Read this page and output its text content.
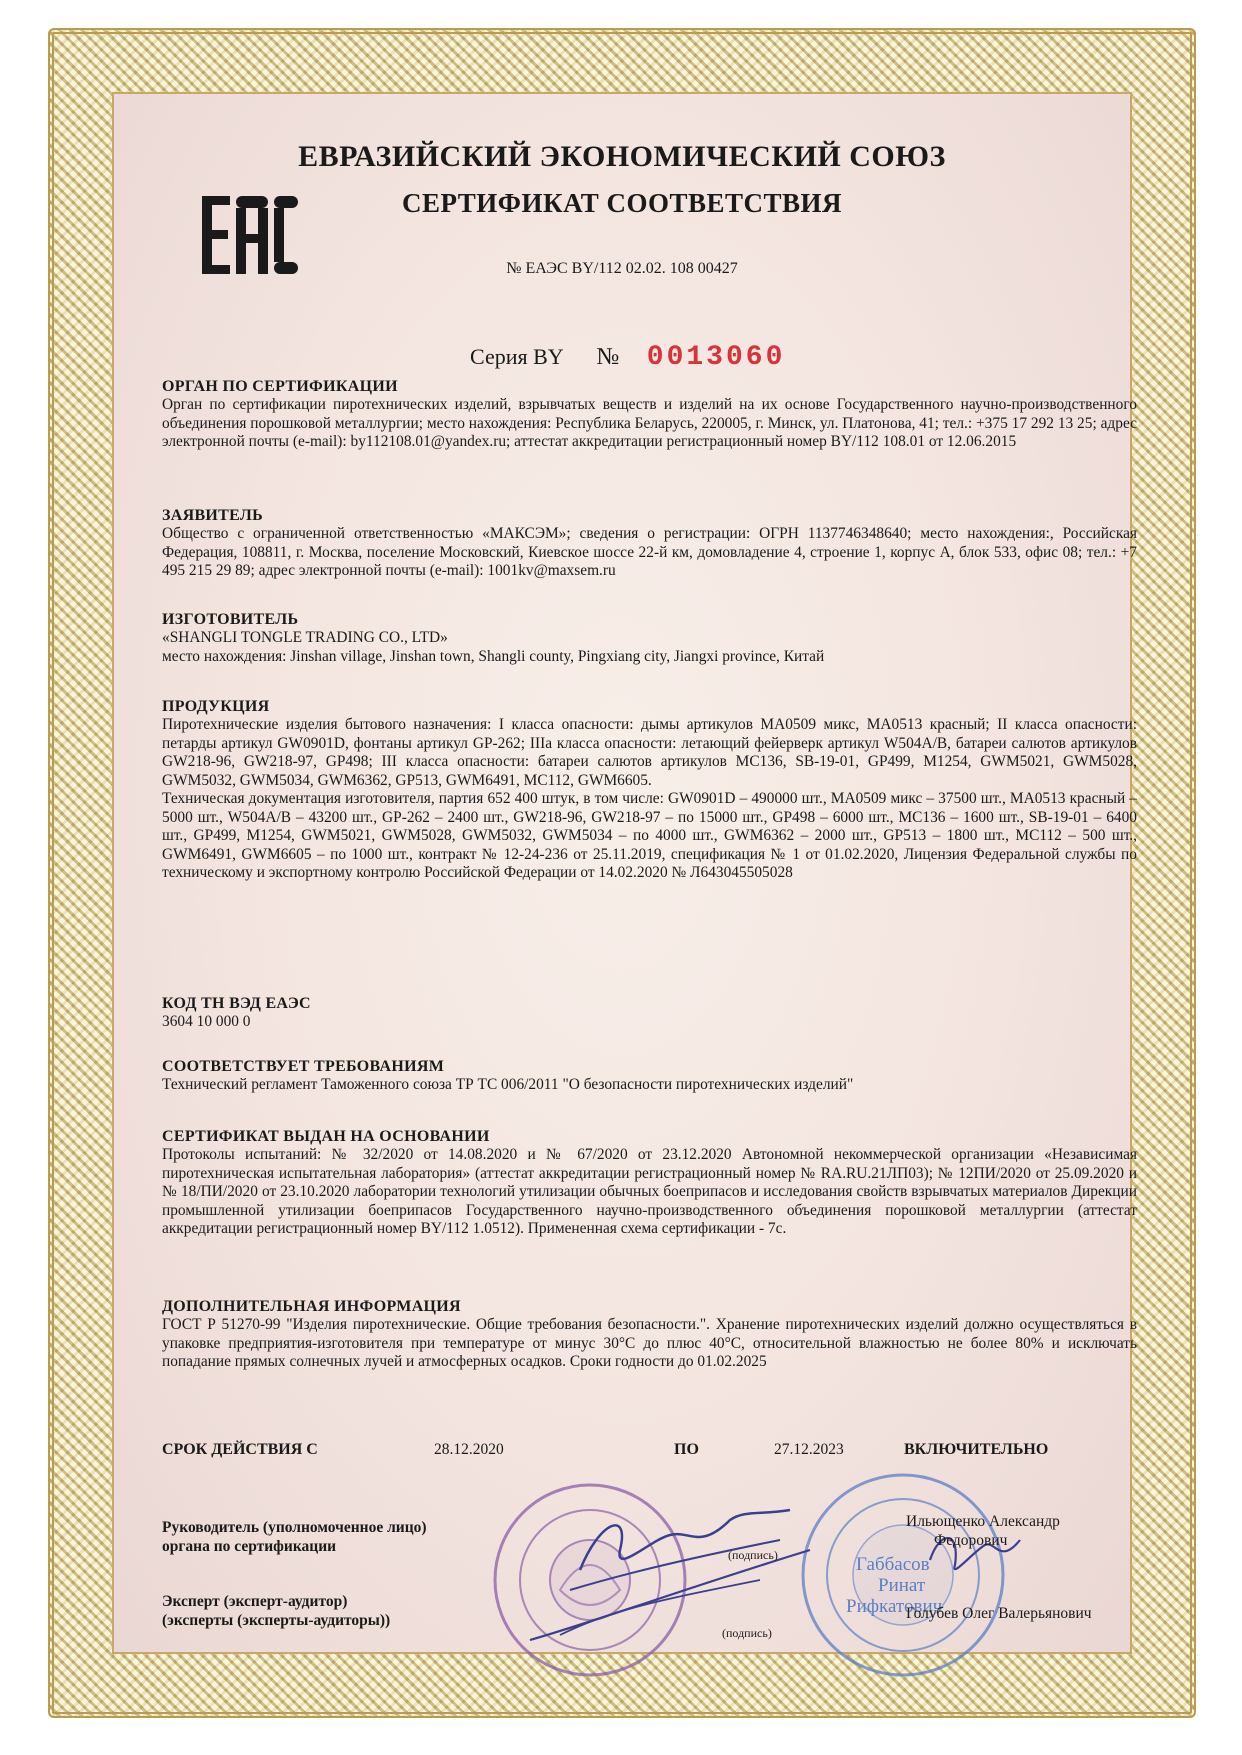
ЕВРАЗИЙСКИЙ ЭКОНОМИЧЕСКИЙ СОЮЗ
СЕРТИФИКАТ СООТВЕТСТВИЯ
№ ЕАЭС BY/112 02.02. 108 00427
Серия BY № 0013060
ОРГАН ПО СЕРТИФИКАЦИИ

Орган по сертификации пиротехнических изделий, взрывчатых веществ и изделий на их основе Государственного научно-производственного объединения порошковой металлургии; место нахождения: Республика Беларусь, 220005, г. Минск, ул. Платонова, 41; тел.: +375 17 292 13 25; адрес электронной почты (e-mail): by112108.01@yandex.ru; аттестат аккредитации регистрационный номер BY/112 108.01 от 12.06.2015

ЗАЯВИТЕЛЬ

Общество с ограниченной ответственностью «МАКСЭМ»; сведения о регистрации: ОГРН 1137746348640; место нахождения:, Российская Федерация, 108811, г. Москва, поселение Московский, Киевское шоссе 22-й км, домовладение 4, строение 1, корпус А, блок 533, офис 08; тел.: +7 495 215 29 89; адрес электронной почты (e-mail): 1001kv@maxsem.ru

ИЗГОТОВИТЕЛЬ

«SHANGLI TONGLE TRADING CO., LTD»

место нахождения: Jinshan village, Jinshan town, Shangli county, Pingxiang city, Jiangxi province, Китай

ПРОДУКЦИЯ

Пиротехнические изделия бытового назначения: I класса опасности: дымы артикулов MA0509 микс, MA0513 красный; II класса опасности: петарды артикул GW0901D, фонтаны артикул GP-262; IIIa класса опасности: летающий фейерверк артикул W504A/B, батареи салютов артикулов GW218-96, GW218-97, GP498; III класса опасности: батареи салютов артикулов MC136, SB-19-01, GP499, M1254, GWM5021, GWM5028, GWM5032, GWM5034, GWM6362, GP513, GWM6491, MC112, GWM6605.

Техническая документация изготовителя, партия 652 400 штук, в том числе: GW0901D – 490000 шт., MA0509 микс – 37500 шт., MA0513 красный – 5000 шт., W504A/B – 43200 шт., GP-262 – 2400 шт., GW218-96, GW218-97 – по 15000 шт., GP498 – 6000 шт., MC136 – 1600 шт., SB-19-01 – 6400 шт., GP499, M1254, GWM5021, GWM5028, GWM5032, GWM5034 – по 4000 шт., GWM6362 – 2000 шт., GP513 – 1800 шт., MC112 – 500 шт., GWM6491, GWM6605 – по 1000 шт., контракт № 12-24-236 от 25.11.2019, спецификация № 1 от 01.02.2020, Лицензия Федеральной службы по техническому и экспортному контролю Российской Федерации от 14.02.2020 № Л643045505028

КОД ТН ВЭД ЕАЭС

3604 10 000 0

СООТВЕТСТВУЕТ ТРЕБОВАНИЯМ

Технический регламент Таможенного союза ТР ТС 006/2011 "О безопасности пиротехнических изделий"

СЕРТИФИКАТ ВЫДАН НА ОСНОВАНИИ

Протоколы испытаний: № 32/2020 от 14.08.2020 и № 67/2020 от 23.12.2020 Автономной некоммерческой организации «Независимая пиротехническая испытательная лаборатория» (аттестат аккредитации регистрационный номер № RA.RU.21ЛП03); № 12ПИ/2020 от 25.09.2020 и № 18/ПИ/2020 от 23.10.2020 лаборатории технологий утилизации обычных боеприпасов и исследования свойств взрывчатых материалов Дирекции промышленной утилизации боеприпасов Государственного научно-производственного объединения порошковой металлургии (аттестат аккредитации регистрационный номер BY/112 1.0512). Примененная схема сертификации - 7с.

ДОПОЛНИТЕЛЬНАЯ ИНФОРМАЦИЯ

ГОСТ Р 51270-99 "Изделия пиротехнические. Общие требования безопасности.". Хранение пиротехнических изделий должно осуществляться в упаковке предприятия-изготовителя при температуре от минус 30°С до плюс 40°С, относительной влажностью не более 80% и исключать попадание прямых солнечных лучей и атмосферных осадков. Сроки годности до 01.02.2025

СРОК ДЕЙСТВИЯ С	28.12.2020	ПО	27.12.2023	ВКЛЮЧИТЕЛЬНО
Руководитель (уполномоченное лицо)
органа по сертификации
Эксперт (эксперт-аудитор)
(эксперты (эксперты-аудиторы))
(подпись)
(подпись)
Ильющенко Александр
Федорович
Габбасов
Ринат
Рифкатович
Голубев Олег Валерьянович
